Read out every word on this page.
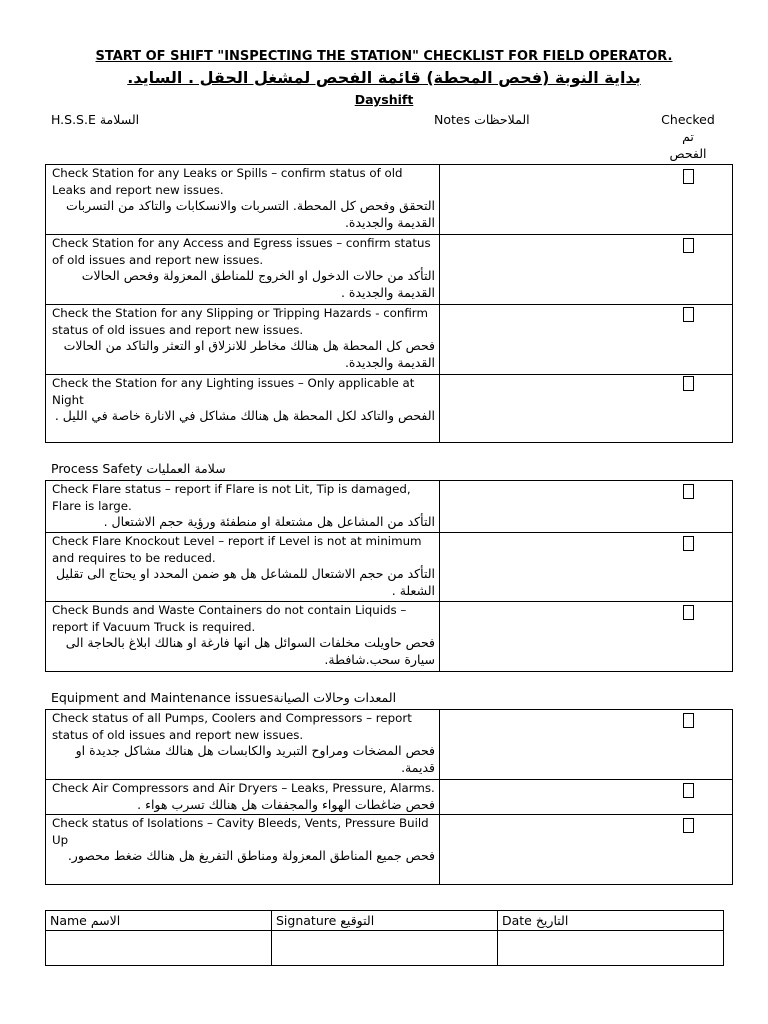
START OF SHIFT "INSPECTING THE STATION" CHECKLIST FOR FIELD OPERATOR.
بداية النوبة (فحص المحطة) قائمة الفحص لمشغل الحقل . السايد.
Dayshift
H.S.S.E السلامة	Notes الملاحظات	Checked
تم
الفحص
Check Station for any Leaks or Spills – confirm status of old Leaks and report new issues.
التحقق وفحص كل المحطة. التسربات والانسكابات والتاكد من التسربات القديمة والجديدة.	

Check Station for any Access and Egress issues – confirm status of old issues and report new issues.
التأكد من حالات الدخول او الخروج للمناطق المعزولة وفحص الحالات القديمة والجديدة .	

Check the Station for any Slipping or Tripping Hazards - confirm status of old issues and report new issues.
فحص كل المحطة هل هنالك مخاطر للانزلاق او التعثر والتاكد من الحالات القديمة والجديدة.	

Check the Station for any Lighting issues – Only applicable at Night
الفحص والتاكد لكل المحطة هل هنالك مشاكل في الانارة خاصة في الليل .	

Process Safety سلامة العمليات
Check Flare status – report if Flare is not Lit, Tip is damaged, Flare is large.
التأكد من المشاعل هل مشتعلة او منطفئة ورؤية حجم الاشتعال .	

Check Flare Knockout Level – report if Level is not at minimum and requires to be reduced.
التأكد من حجم الاشتعال للمشاعل هل هو ضمن المحدد او يحتاج الى تقليل الشعلة .	

Check Bunds and Waste Containers do not contain Liquids – report if Vacuum Truck is required.
فحص حاويلت مخلفات السوائل هل انها فارغة او هنالك ابلاغ بالحاجة الى سيارة سحب.شافطة.	

Equipment and Maintenance issuesالمعدات وحالات الصيانة
Check status of all Pumps, Coolers and Compressors – report status of old issues and report new issues.
فحص المضخات ومراوح التبريد والكابسات هل هنالك مشاكل جديدة او قديمة.	

Check Air Compressors and Air Dryers – Leaks, Pressure, Alarms.
فحص ضاغطات الهواء والمجففات هل هنالك تسرب هواء .	

Check status of Isolations – Cavity Bleeds, Vents, Pressure Build Up
فحص جميع المناطق المعزولة ومناطق التفريغ هل هنالك ضغط محصور.	

Name الاسم	Signature التوقيع	Date التاريخ
